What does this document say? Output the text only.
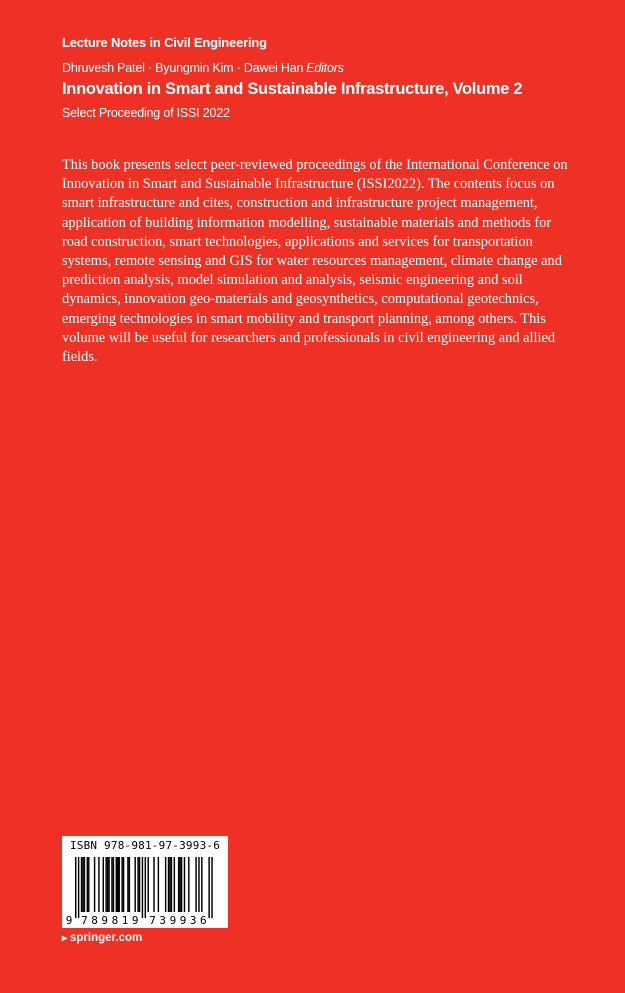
Lecture Notes in Civil Engineering
Dhruvesh Patel · Byungmin Kim · Dawei Han Editors
Innovation in Smart and Sustainable Infrastructure, Volume 2
Select Proceeding of ISSI 2022

This book presents select peer-reviewed proceedings of the International Conference on Innovation in Smart and Sustainable Infrastructure (ISSI2022). The contents focus on smart infrastructure and cites, construction and infrastructure project management, application of building information modelling, sustainable materials and methods for road construction, smart technologies, applications and services for transportation systems, remote sensing and GIS for water resources management, climate change and prediction analysis, model simulation and analysis, seismic engineering and soil dynamics, innovation geo-materials and geosynthetics, computational geotechnics, emerging technologies in smart mobility and transport planning, among others. This volume will be useful for researchers and professionals in civil engineering and allied fields.

ISBN 978-981-97-3993-6
9 7 8 9 8 1 9 7 3 9 9 3 6
▸ springer.com
